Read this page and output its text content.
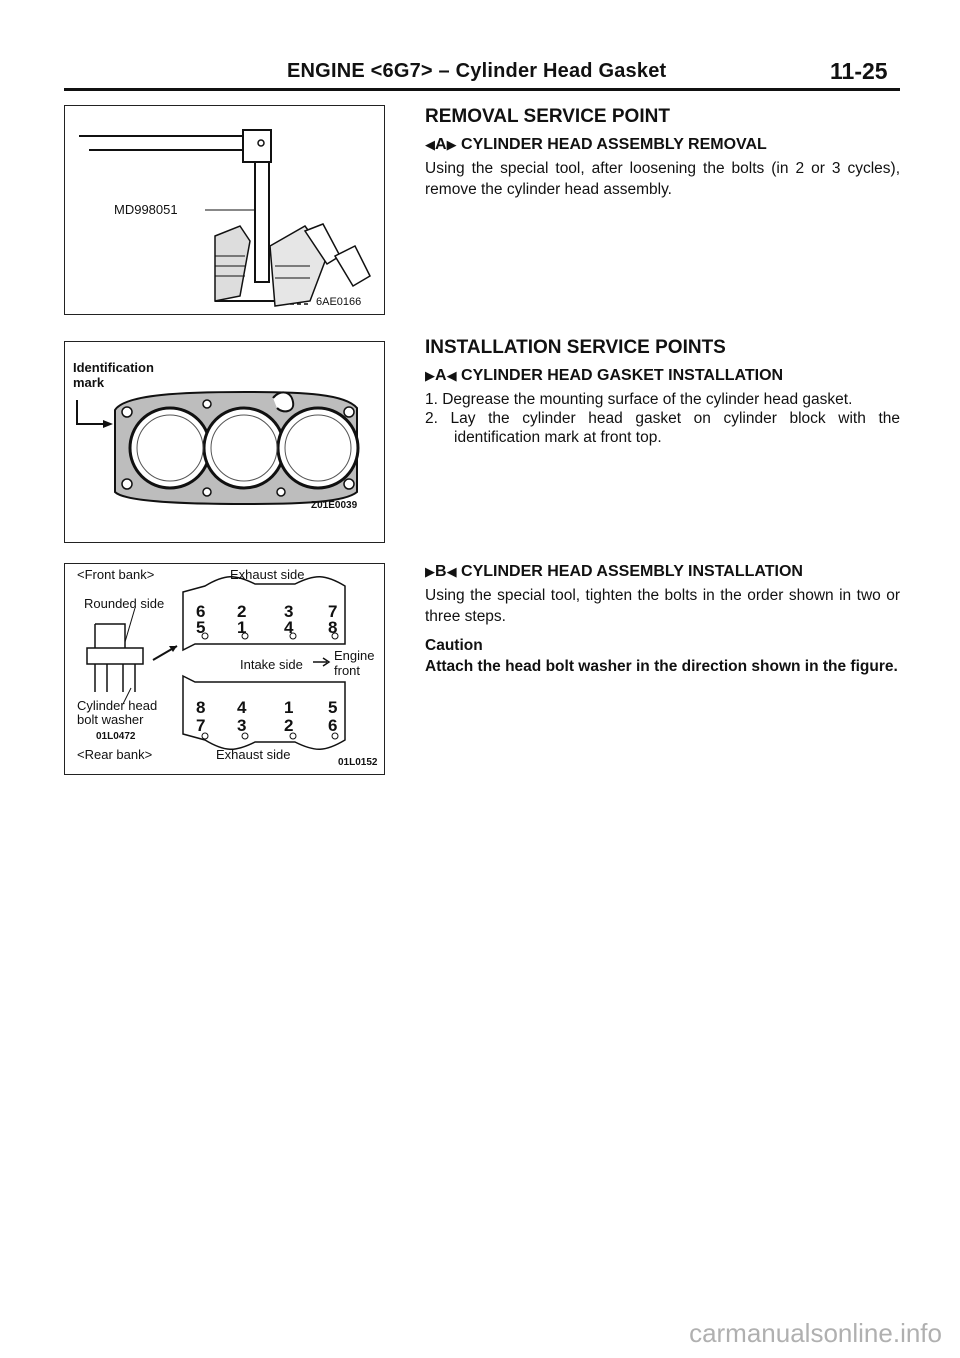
ENGINE <6G7> – Cylinder Head Gasket	11-25
MD998051
6AE0166
Identification
mark
Z01E0039
<Front bank>	Exhaust side
Rounded side 6 2 3 7
5 1 4 8
Intake side
Engine
front
Cylinder head
bolt washer
01L0472
8 4 1 5
7 3 2 6
<Rear bank>	Exhaust side
01L0152
REMOVAL SERVICE POINT
◀A▶ CYLINDER HEAD ASSEMBLY REMOVAL

Using the special tool, after loosening the bolts (in 2 or 3 cycles), remove the cylinder head assembly.

INSTALLATION SERVICE POINTS
▶A◀ CYLINDER HEAD GASKET INSTALLATION
1. Degrease the mounting surface of the cylinder head gasket.
2. Lay the cylinder head gasket on cylinder block with the identification mark at front top.
▶B◀ CYLINDER HEAD ASSEMBLY INSTALLATION

Using the special tool, tighten the bolts in the order shown in two or three steps.

Caution

Attach the head bolt washer in the direction shown in the figure.

carmanualsonline.info
